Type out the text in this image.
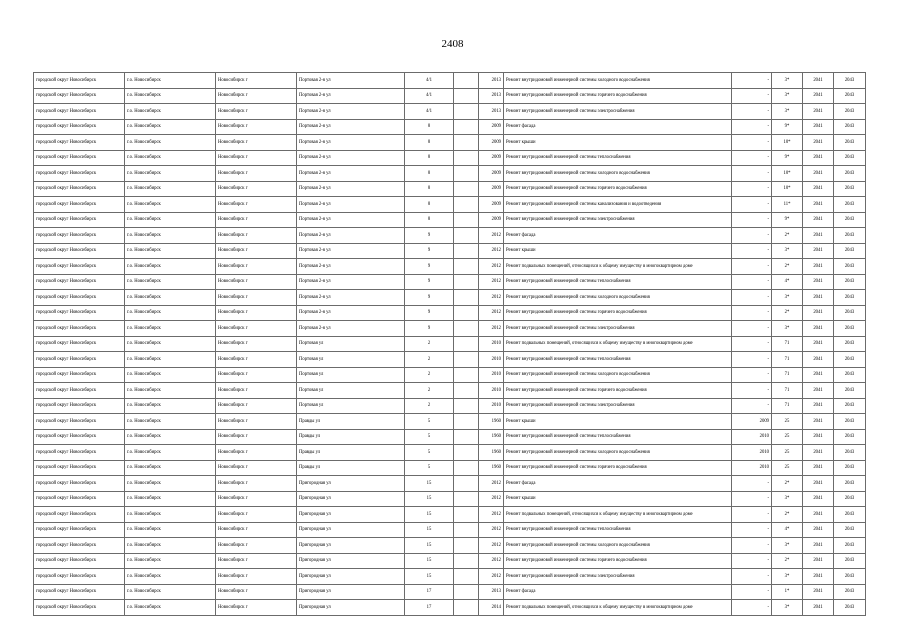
2408
городской округ Новосибирск	г.о. Новосибирск	Новосибирск г	Портовая 2-я ул	4/1		2013	Ремонт внутридомовой инженерной системы холодного водоснабжения	-	3*	2041	2043
городской округ Новосибирск	г.о. Новосибирск	Новосибирск г	Портовая 2-я ул	4/1		2013	Ремонт внутридомовой инженерной системы горячего водоснабжения	-	3*	2041	2043
городской округ Новосибирск	г.о. Новосибирск	Новосибирск г	Портовая 2-я ул	4/1		2013	Ремонт внутридомовой инженерной системы электроснабжения	-	3*	2041	2043
городской округ Новосибирск	г.о. Новосибирск	Новосибирск г	Портовая 2-я ул	8		2009	Ремонт фасада	-	9*	2041	2043
городской округ Новосибирск	г.о. Новосибирск	Новосибирск г	Портовая 2-я ул	8		2009	Ремонт крыши	-	10*	2041	2043
городской округ Новосибирск	г.о. Новосибирск	Новосибирск г	Портовая 2-я ул	8		2009	Ремонт внутридомовой инженерной системы теплоснабжения	-	9*	2041	2043
городской округ Новосибирск	г.о. Новосибирск	Новосибирск г	Портовая 2-я ул	8		2009	Ремонт внутридомовой инженерной системы холодного водоснабжения	-	10*	2041	2043
городской округ Новосибирск	г.о. Новосибирск	Новосибирск г	Портовая 2-я ул	8		2009	Ремонт внутридомовой инженерной системы горячего водоснабжения	-	10*	2041	2043
городской округ Новосибирск	г.о. Новосибирск	Новосибирск г	Портовая 2-я ул	8		2009	Ремонт внутридомовой инженерной системы канализования и водоотведения	-	11*	2041	2043
городской округ Новосибирск	г.о. Новосибирск	Новосибирск г	Портовая 2-я ул	8		2009	Ремонт внутридомовой инженерной системы электроснабжения	-	9*	2041	2043
городской округ Новосибирск	г.о. Новосибирск	Новосибирск г	Портовая 2-я ул	9		2012	Ремонт фасада	-	2*	2041	2043
городской округ Новосибирск	г.о. Новосибирск	Новосибирск г	Портовая 2-я ул	9		2012	Ремонт крыши	-	3*	2041	2043
городской округ Новосибирск	г.о. Новосибирск	Новосибирск г	Портовая 2-я ул	9		2012	Ремонт подвальных помещений, относящихся к общему имуществу в многоквартирном доме	-	2*	2041	2043
городской округ Новосибирск	г.о. Новосибирск	Новосибирск г	Портовая 2-я ул	9		2012	Ремонт внутридомовой инженерной системы теплоснабжения	-	4*	2041	2043
городской округ Новосибирск	г.о. Новосибирск	Новосибирск г	Портовая 2-я ул	9		2012	Ремонт внутридомовой инженерной системы холодного водоснабжения	-	3*	2041	2043
городской округ Новосибирск	г.о. Новосибирск	Новосибирск г	Портовая 2-я ул	9		2012	Ремонт внутридомовой инженерной системы горячего водоснабжения	-	2*	2041	2043
городской округ Новосибирск	г.о. Новосибирск	Новосибирск г	Портовая 2-я ул	9		2012	Ремонт внутридомовой инженерной системы электроснабжения	-	3*	2041	2043
городской округ Новосибирск	г.о. Новосибирск	Новосибирск г	Портовая ул	2		2010	Ремонт подвальных помещений, относящихся к общему имуществу в многоквартирном доме	-	71	2041	2043
городской округ Новосибирск	г.о. Новосибирск	Новосибирск г	Портовая ул	2		2010	Ремонт внутридомовой инженерной системы теплоснабжения	-	71	2041	2043
городской округ Новосибирск	г.о. Новосибирск	Новосибирск г	Портовая ул	2		2010	Ремонт внутридомовой инженерной системы холодного водоснабжения	-	71	2041	2043
городской округ Новосибирск	г.о. Новосибирск	Новосибирск г	Портовая ул	2		2010	Ремонт внутридомовой инженерной системы горячего водоснабжения	-	71	2041	2043
городской округ Новосибирск	г.о. Новосибирск	Новосибирск г	Портовая ул	2		2010	Ремонт внутридомовой инженерной системы электроснабжения	-	71	2041	2043
городской округ Новосибирск	г.о. Новосибирск	Новосибирск г	Правды ул	5		1960	Ремонт крыши	2009	25	2041	2043
городской округ Новосибирск	г.о. Новосибирск	Новосибирск г	Правды ул	5		1960	Ремонт внутридомовой инженерной системы теплоснабжения	2010	25	2041	2043
городской округ Новосибирск	г.о. Новосибирск	Новосибирск г	Правды ул	5		1960	Ремонт внутридомовой инженерной системы холодного водоснабжения	2010	25	2041	2043
городской округ Новосибирск	г.о. Новосибирск	Новосибирск г	Правды ул	5		1960	Ремонт внутридомовой инженерной системы горячего водоснабжения	2010	25	2041	2043
городской округ Новосибирск	г.о. Новосибирск	Новосибирск г	Пригородная ул	15		2012	Ремонт фасада	-	2*	2041	2043
городской округ Новосибирск	г.о. Новосибирск	Новосибирск г	Пригородная ул	15		2012	Ремонт крыши	-	3*	2041	2043
городской округ Новосибирск	г.о. Новосибирск	Новосибирск г	Пригородная ул	15		2012	Ремонт подвальных помещений, относящихся к общему имуществу в многоквартирном доме	-	2*	2041	2043
городской округ Новосибирск	г.о. Новосибирск	Новосибирск г	Пригородная ул	15		2012	Ремонт внутридомовой инженерной системы теплоснабжения	-	4*	2041	2043
городской округ Новосибирск	г.о. Новосибирск	Новосибирск г	Пригородная ул	15		2012	Ремонт внутридомовой инженерной системы холодного водоснабжения	-	3*	2041	2043
городской округ Новосибирск	г.о. Новосибирск	Новосибирск г	Пригородная ул	15		2012	Ремонт внутридомовой инженерной системы горячего водоснабжения	-	2*	2041	2043
городской округ Новосибирск	г.о. Новосибирск	Новосибирск г	Пригородная ул	15		2012	Ремонт внутридомовой инженерной системы электроснабжения	-	3*	2041	2043
городской округ Новосибирск	г.о. Новосибирск	Новосибирск г	Пригородная ул	17		2013	Ремонт фасада	-	1*	2041	2043
городской округ Новосибирск	г.о. Новосибирск	Новосибирск г	Пригородная ул	17		2014	Ремонт подвальных помещений, относящихся к общему имуществу в многоквартирном доме	-	3*	2041	2043
